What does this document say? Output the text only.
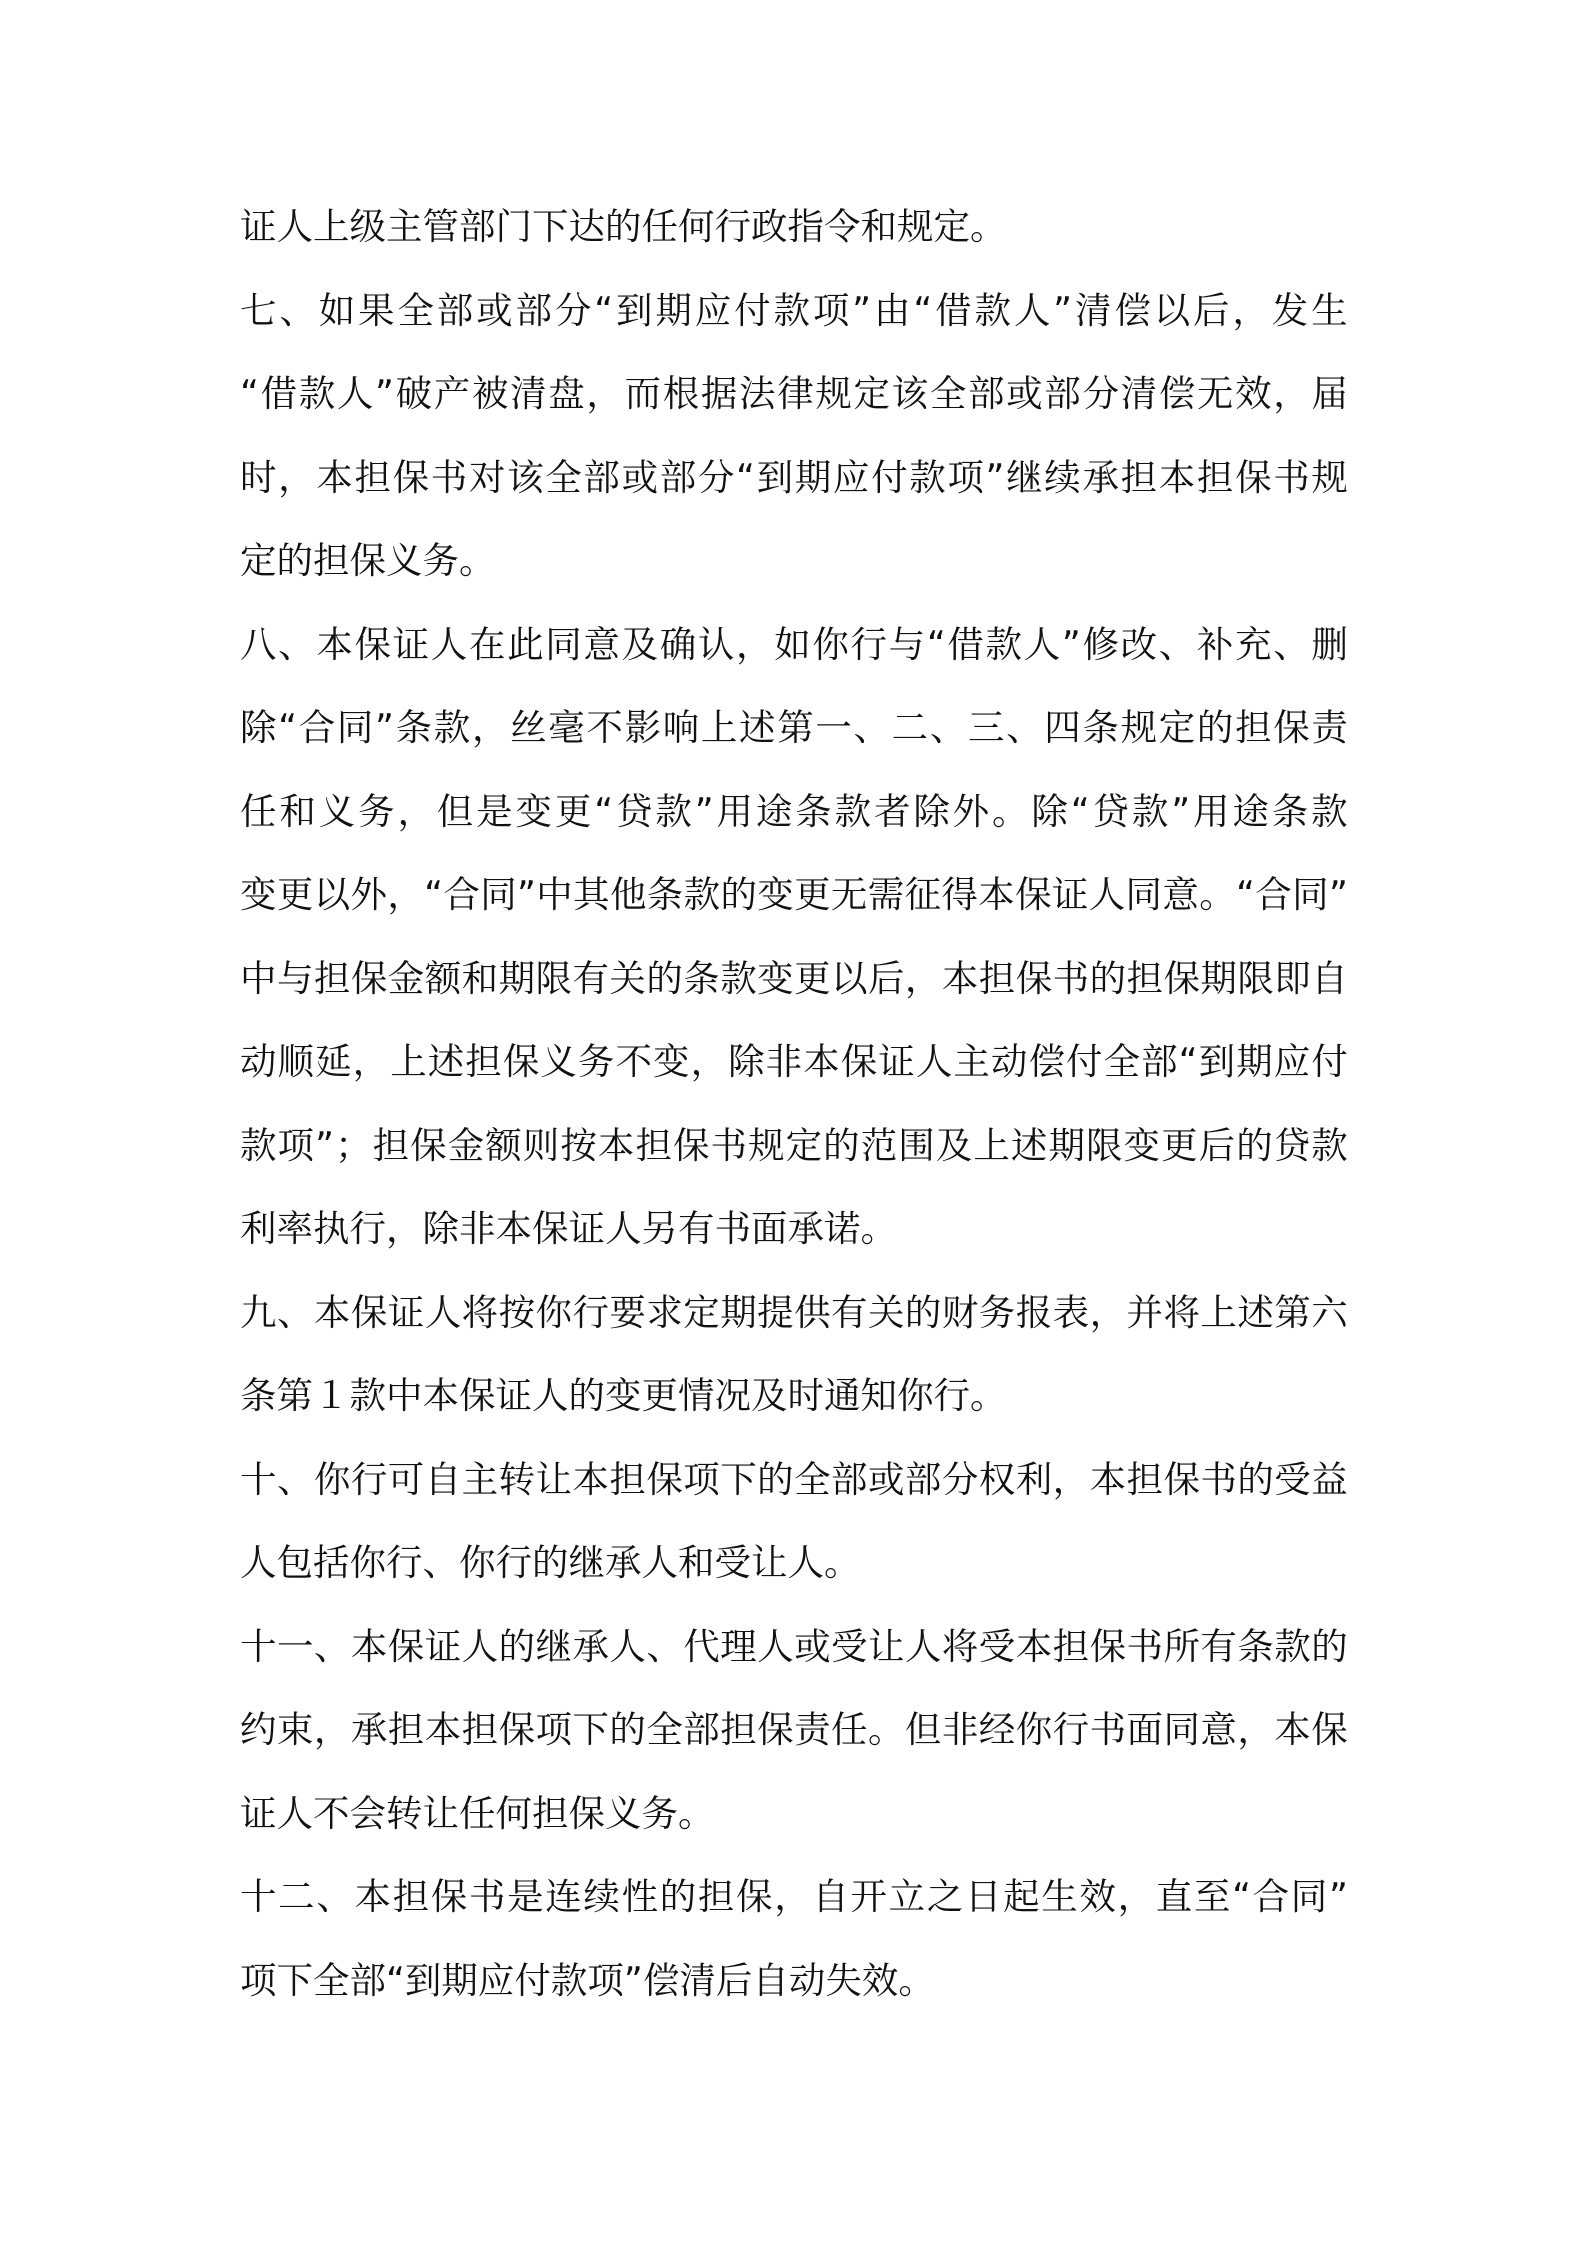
证人上级主管部门下达的任何行政指令和规定。
七 、 如 果 全 部 或 部 分 “ 到 期 应 付 款 项 ” 由 “ 借 款 人 ” 清 偿 以 后 ， 发 生
“ 借 款 人 ” 破 产 被 清 盘 ， 而 根 据 法 律 规 定 该 全 部 或 部 分 清 偿 无 效 ， 届
时 ， 本 担 保 书 对 该 全 部 或 部 分 “ 到 期 应 付 款 项 ” 继 续 承 担 本 担 保 书 规
定的担保义务。
八 、 本 保 证 人 在 此 同 意 及 确 认 ， 如 你 行 与 “ 借 款 人 ” 修 改 、 补 充 、 删
除 “ 合 同 ” 条 款 ， 丝 毫 不 影 响 上 述 第 一 、 二 、 三 、 四 条 规 定 的 担 保 责
任 和 义 务 ， 但 是 变 更 “ 贷 款 ” 用 途 条 款 者 除 外 。 除 “ 贷 款 ” 用 途 条 款
变 更 以 外 ， “ 合 同 ” 中 其 他 条 款 的 变 更 无 需 征 得 本 保 证 人 同 意 。 “ 合 同 ”
中 与 担 保 金 额 和 期 限 有 关 的 条 款 变 更 以 后 ， 本 担 保 书 的 担 保 期 限 即 自
动 顺 延 ， 上 述 担 保 义 务 不 变 ， 除 非 本 保 证 人 主 动 偿 付 全 部 “ 到 期 应 付
款 项 ” ； 担 保 金 额 则 按 本 担 保 书 规 定 的 范 围 及 上 述 期 限 变 更 后 的 贷 款
利率执行，除非本保证人另有书面承诺。
九 、 本 保 证 人 将 按 你 行 要 求 定 期 提 供 有 关 的 财 务 报 表 ， 并 将 上 述 第 六
条第１款中本保证人的变更情况及时通知你行。
十 、 你 行 可 自 主 转 让 本 担 保 项 下 的 全 部 或 部 分 权 利 ， 本 担 保 书 的 受 益
人包括你行、你行的继承人和受让人。
十 一 、 本 保 证 人 的 继 承 人 、 代 理 人 或 受 让 人 将 受 本 担 保 书 所 有 条 款 的
约 束 ， 承 担 本 担 保 项 下 的 全 部 担 保 责 任 。 但 非 经 你 行 书 面 同 意 ， 本 保
证人不会转让任何担保义务。
十 二 、 本 担 保 书 是 连 续 性 的 担 保 ， 自 开 立 之 日 起 生 效 ， 直 至 “ 合 同 ”
项下全部“到期应付款项”偿清后自动失效。
